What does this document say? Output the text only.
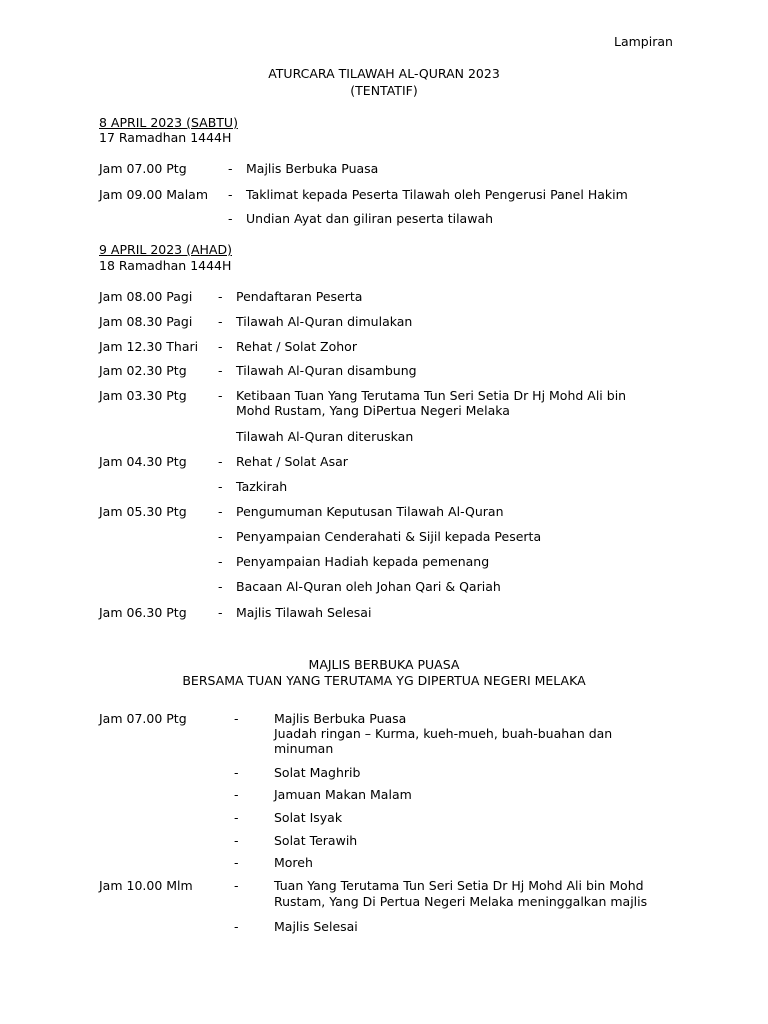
Lampiran
ATURCARA TILAWAH AL-QURAN 2023
(TENTATIF)
8 APRIL 2023 (SABTU)
17 Ramadhan 1444H
Jam 07.00 Ptg	- Majlis Berbuka Puasa
Jam 09.00 Malam - Taklimat kepada Peserta Tilawah oleh Pengerusi Panel Hakim
- Undian Ayat dan giliran peserta tilawah
9 APRIL 2023 (AHAD)
18 Ramadhan 1444H
Jam 08.00 Pagi - Pendaftaran Peserta
Jam 08.30 Pagi - Tilawah Al-Quran dimulakan
Jam 12.30 Thari - Rehat / Solat Zohor
Jam 02.30 Ptg	- Tilawah Al-Quran disambung
Jam 03.30 Ptg	- Ketibaan Tuan Yang Terutama Tun Seri Setia Dr Hj Mohd Ali bin
Mohd Rustam, Yang DiPertua Negeri Melaka
Tilawah Al-Quran diteruskan
Jam 04.30 Ptg	- Rehat / Solat Asar
- Tazkirah
Jam 05.30 Ptg	- Pengumuman Keputusan Tilawah Al-Quran
- Penyampaian Cenderahati & Sijil kepada Peserta
- Penyampaian Hadiah kepada pemenang
- Bacaan Al-Quran oleh Johan Qari & Qariah
Jam 06.30 Ptg	- Majlis Tilawah Selesai
MAJLIS BERBUKA PUASA
BERSAMA TUAN YANG TERUTAMA YG DIPERTUA NEGERI MELAKA
Jam 07.00 Ptg	-	Majlis Berbuka Puasa
Juadah ringan – Kurma, kueh-mueh, buah-buahan dan
minuman
-	Solat Maghrib
-	Jamuan Makan Malam
-	Solat Isyak
-	Solat Terawih
-	Moreh
Jam 10.00 Mlm	-	Tuan Yang Terutama Tun Seri Setia Dr Hj Mohd Ali bin Mohd
Rustam, Yang Di Pertua Negeri Melaka meninggalkan majlis
-	Majlis Selesai
